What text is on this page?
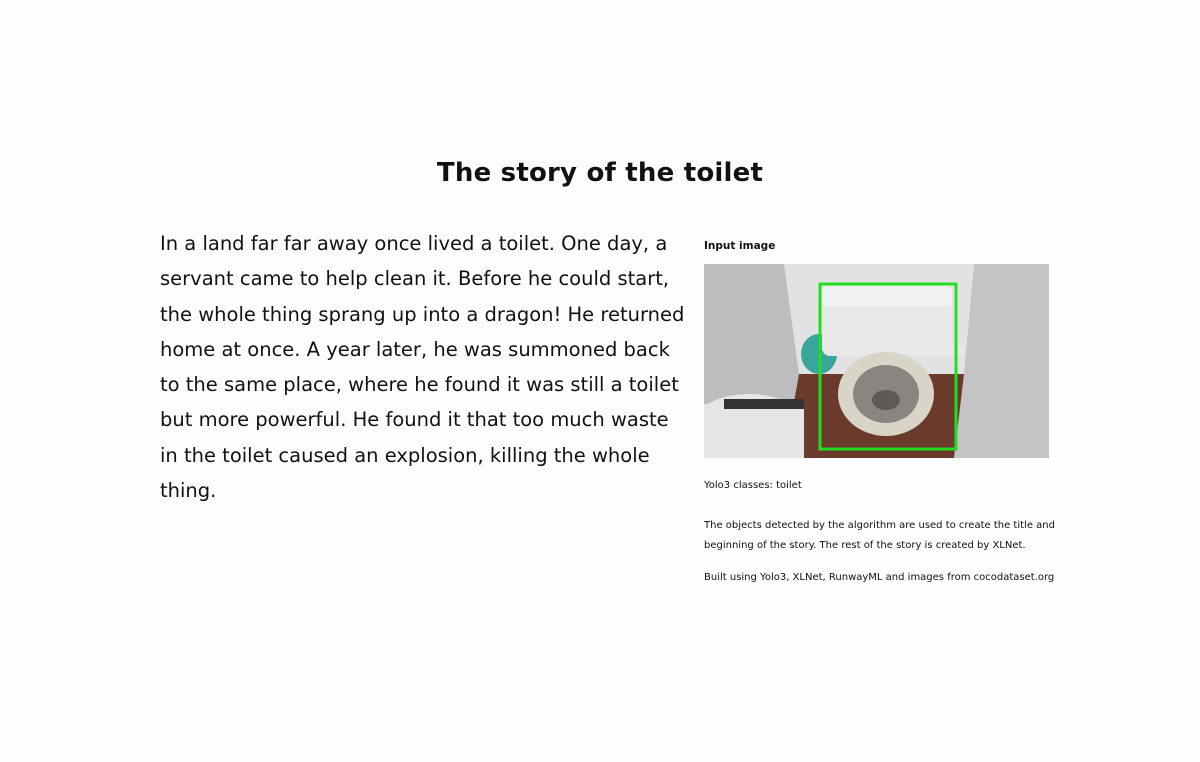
The story of the toilet

In a land far far away once lived a toilet. One day, a servant came to help clean it. Before he could start, the whole thing sprang up into a dragon! He returned home at once. A year later, he was summoned back to the same place, where he found it was still a toilet but more powerful. He found it that too much waste in the toilet caused an explosion, killing the whole thing.

Input image

Yolo3 classes: toilet

The objects detected by the algorithm are used to create the title and beginning of the story. The rest of the story is created by XLNet.

Built using Yolo3, XLNet, RunwayML and images from cocodataset.org
